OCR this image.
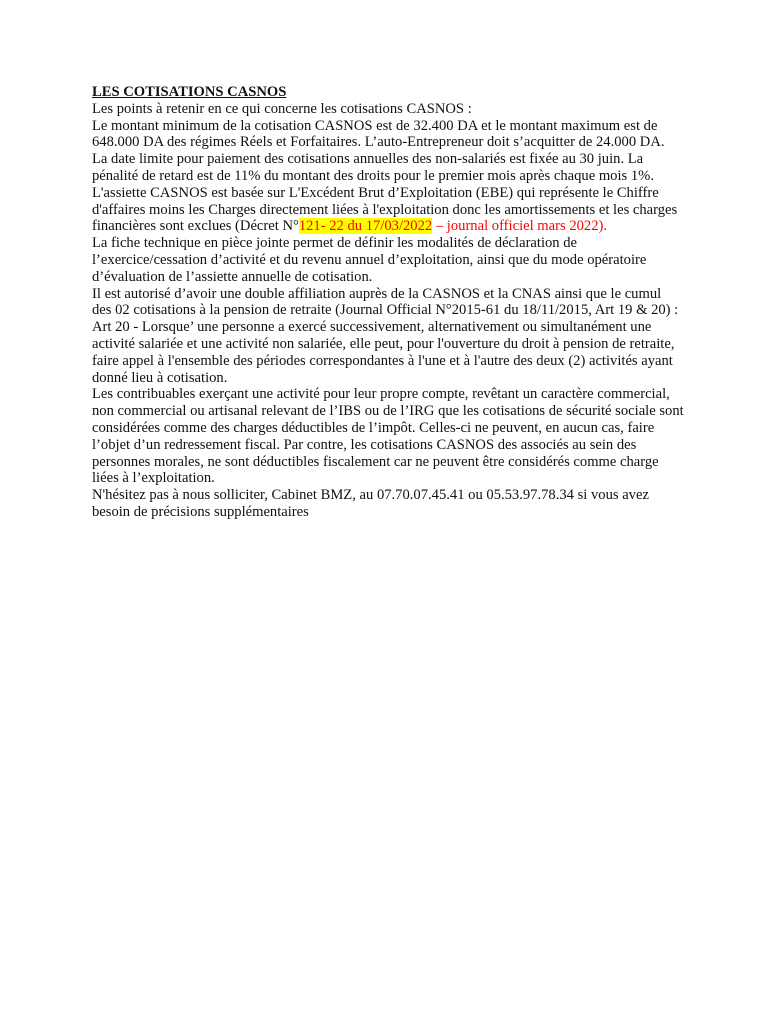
LES COTISATIONS CASNOS

Les points à retenir en ce qui concerne les cotisations CASNOS :

Le montant minimum de la cotisation CASNOS est de 32.400 DA et le montant maximum est de 648.000 DA des régimes Réels et Forfaitaires. L’auto-Entrepreneur doit s’acquitter de 24.000 DA.

La date limite pour paiement des cotisations annuelles des non-salariés est fixée au 30 juin. La pénalité de retard est de 11% du montant des droits pour le premier mois après chaque mois 1%.

L'assiette CASNOS est basée sur L'Excédent Brut d’Exploitation (EBE) qui représente le Chiffre d'affaires moins les Charges directement liées à l'exploitation donc les amortissements et les charges financières sont exclues (Décret N°121- 22 du 17/03/2022 – journal officiel mars 2022).

La fiche technique en pièce jointe permet de définir les modalités de déclaration de l’exercice/cessation d’activité et du revenu annuel d’exploitation, ainsi que du mode opératoire d’évaluation de l’assiette annuelle de cotisation.

Il est autorisé d’avoir une double affiliation auprès de la CASNOS et la CNAS ainsi que le cumul des 02 cotisations à la pension de retraite (Journal Official N°2015-61 du 18/11/2015, Art 19 & 20) : Art 20 - Lorsque’ une personne a exercé successivement, alternativement ou simultanément une activité salariée et une activité non salariée, elle peut, pour l'ouverture du droit à pension de retraite, faire appel à l'ensemble des périodes correspondantes à l'une et à l'autre des deux (2) activités ayant donné lieu à cotisation.

Les contribuables exerçant une activité pour leur propre compte, revêtant un caractère commercial, non commercial ou artisanal relevant de l’IBS ou de l’IRG que les cotisations de sécurité sociale sont considérées comme des charges déductibles de l’impôt. Celles-ci ne peuvent, en aucun cas, faire l’objet d’un redressement fiscal. Par contre, les cotisations CASNOS des associés au sein des personnes morales, ne sont déductibles fiscalement car ne peuvent être considérés comme charge liées à l’exploitation.

N'hésitez pas à nous solliciter, Cabinet BMZ, au 07.70.07.45.41 ou 05.53.97.78.34 si vous avez besoin de précisions supplémentaires
